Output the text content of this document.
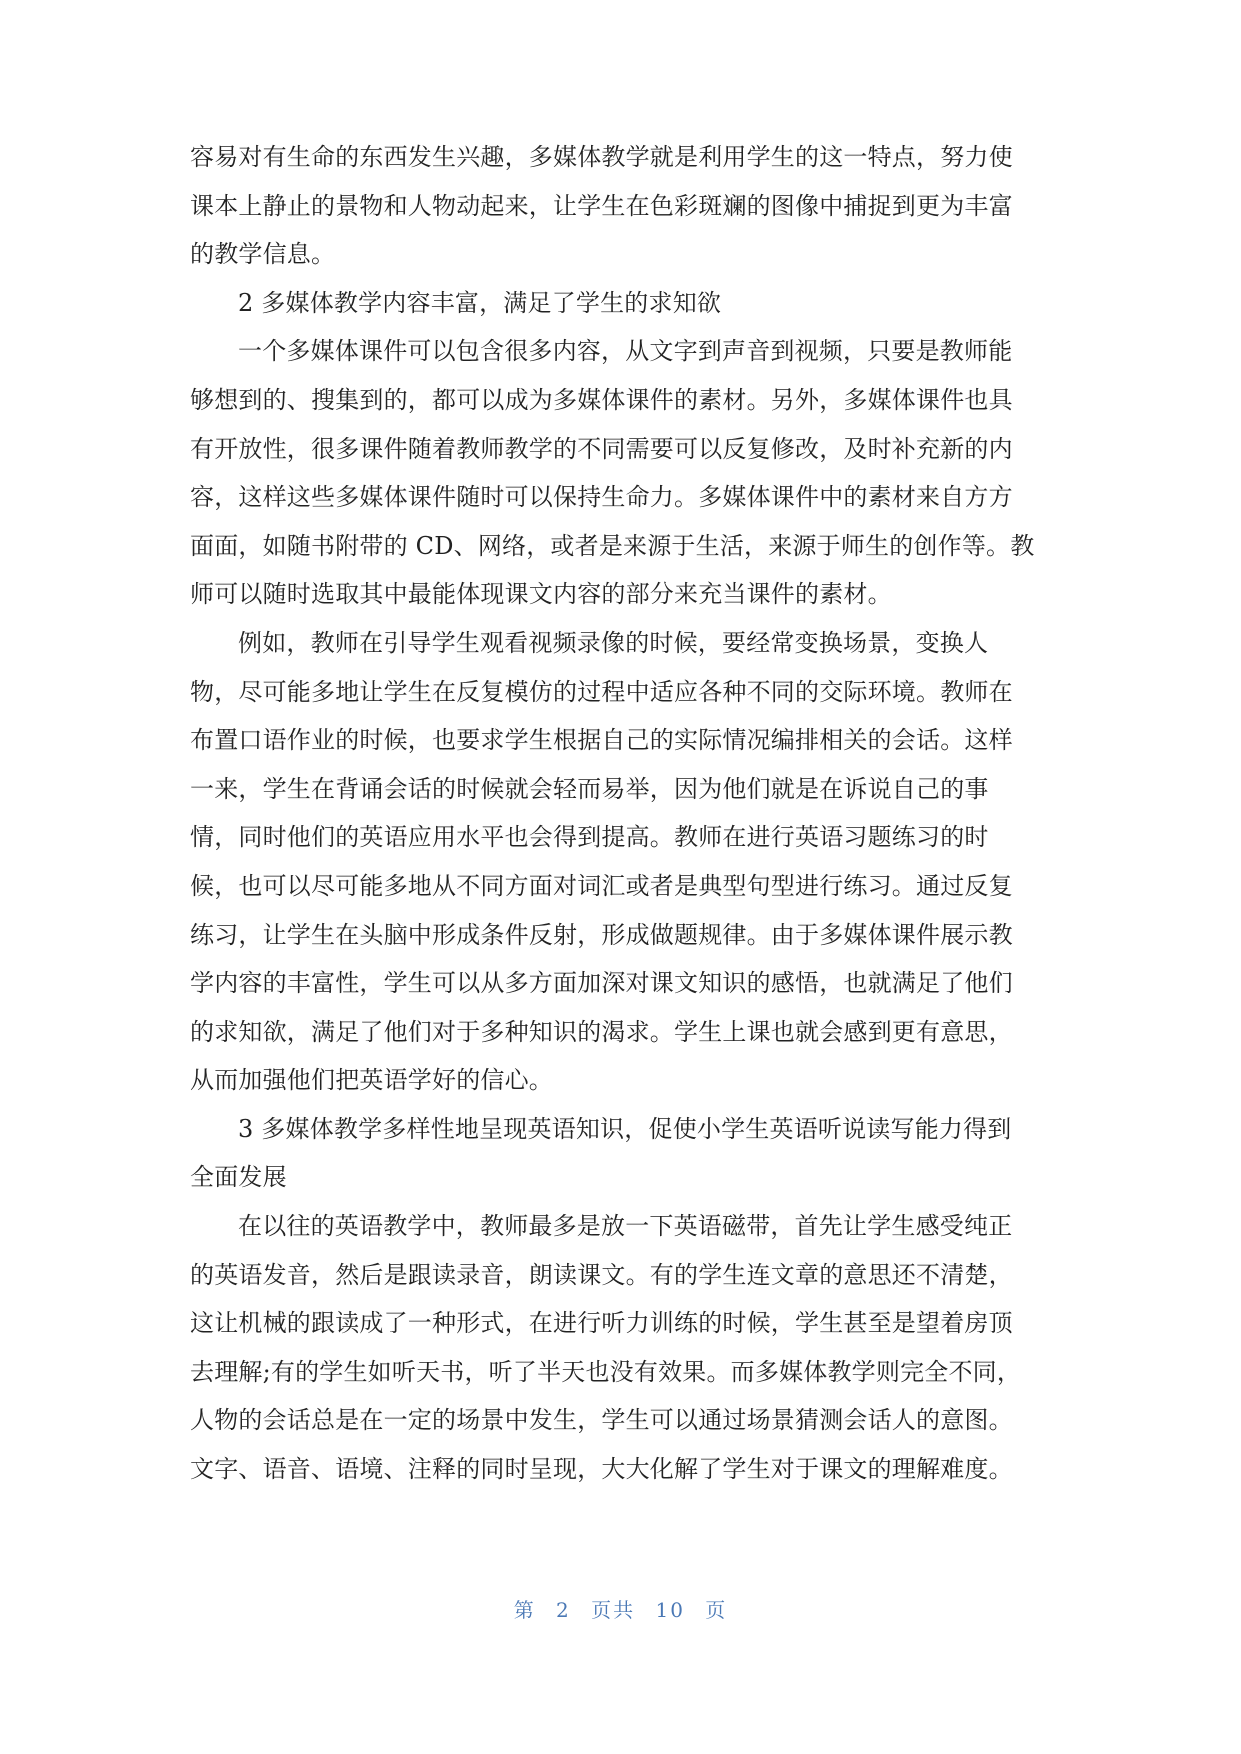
容易对有生命的东西发生兴趣，多媒体教学就是利用学生的这一特点，努力使
课本上静止的景物和人物动起来，让学生在色彩斑斓的图像中捕捉到更为丰富
的教学信息。
2 多媒体教学内容丰富，满足了学生的求知欲
一个多媒体课件可以包含很多内容，从文字到声音到视频，只要是教师能
够想到的、搜集到的，都可以成为多媒体课件的素材。另外，多媒体课件也具
有开放性，很多课件随着教师教学的不同需要可以反复修改，及时补充新的内
容，这样这些多媒体课件随时可以保持生命力。多媒体课件中的素材来自方方
面面，如随书附带的 CD、网络，或者是来源于生活，来源于师生的创作等。教
师可以随时选取其中最能体现课文内容的部分来充当课件的素材。
例如，教师在引导学生观看视频录像的时候，要经常变换场景，变换人
物，尽可能多地让学生在反复模仿的过程中适应各种不同的交际环境。教师在
布置口语作业的时候，也要求学生根据自己的实际情况编排相关的会话。这样
一来，学生在背诵会话的时候就会轻而易举，因为他们就是在诉说自己的事
情，同时他们的英语应用水平也会得到提高。教师在进行英语习题练习的时
候，也可以尽可能多地从不同方面对词汇或者是典型句型进行练习。通过反复
练习，让学生在头脑中形成条件反射，形成做题规律。由于多媒体课件展示教
学内容的丰富性，学生可以从多方面加深对课文知识的感悟，也就满足了他们
的求知欲，满足了他们对于多种知识的渴求。学生上课也就会感到更有意思，
从而加强他们把英语学好的信心。
3 多媒体教学多样性地呈现英语知识，促使小学生英语听说读写能力得到
全面发展
在以往的英语教学中，教师最多是放一下英语磁带，首先让学生感受纯正
的英语发音，然后是跟读录音，朗读课文。有的学生连文章的意思还不清楚，
这让机械的跟读成了一种形式，在进行听力训练的时候，学生甚至是望着房顶
去理解;有的学生如听天书，听了半天也没有效果。而多媒体教学则完全不同，
人物的会话总是在一定的场景中发生，学生可以通过场景猜测会话人的意图。
文字、语音、语境、注释的同时呈现，大大化解了学生对于课文的理解难度。
第 2 页共 10 页
